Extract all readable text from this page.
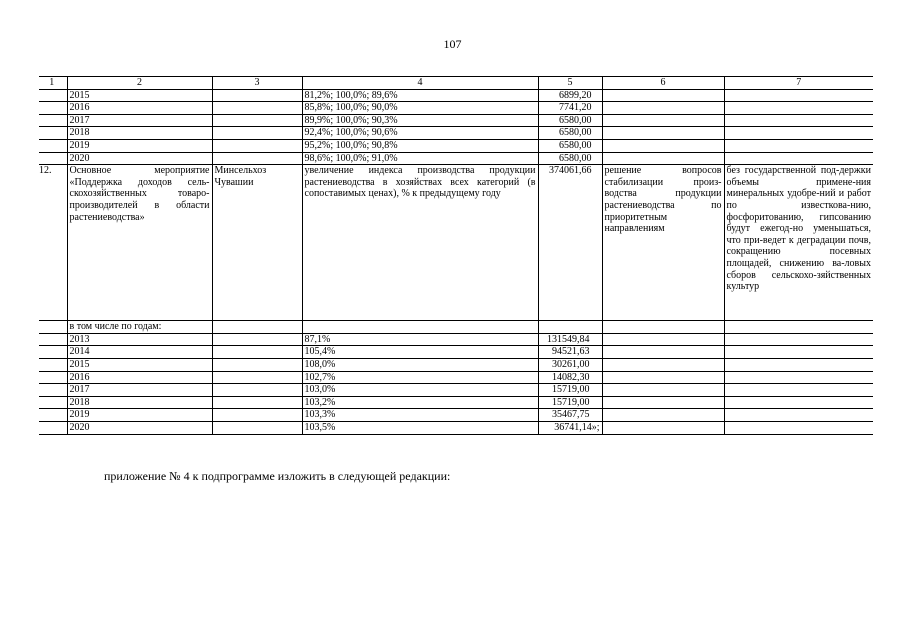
107
1	2	3	4	5	6	7
	2015		81,2%; 100,0%; 89,6%	6899,20		
	2016		85,8%; 100,0%; 90,0%	7741,20		
	2017		89,9%; 100,0%; 90,3%	6580,00		
	2018		92,4%; 100,0%; 90,6%	6580,00		
	2019		95,2%; 100,0%; 90,8%	6580,00		
	2020		98,6%; 100,0%; 91,0%	6580,00		
12.	Основное мероприятие «Поддержка доходов сель-скохозяйственных товаро-производителей в области растениеводства»	Минсельхоз Чувашии	увеличение индекса производства продукции растениеводства в хозяйствах всех категорий (в сопоставимых ценах), % к предыдущему году	374061,66	решение вопросов стабилизации произ-водства продукции растениеводства по приоритетным направлениям	без государственной под-держки объемы примене-ния минеральных удобре-ний и работ по известкова-нию, фосфоритованию, гипсованию будут ежегод-но уменьшаться, что при-ведет к деградации почв, сокращению посевных площадей, снижению ва-ловых сборов сельскохо-зяйственных культур
	в том числе по годам:					
	2013		87,1%	131549,84		
	2014		105,4%	94521,63		
	2015		108,0%	30261,00		
	2016		102,7%	14082,30		
	2017		103,0%	15719,00		
	2018		103,2%	15719,00		
	2019		103,3%	35467,75		
	2020		103,5%	36741,14»;		
приложение № 4 к подпрограмме изложить в следующей редакции:
